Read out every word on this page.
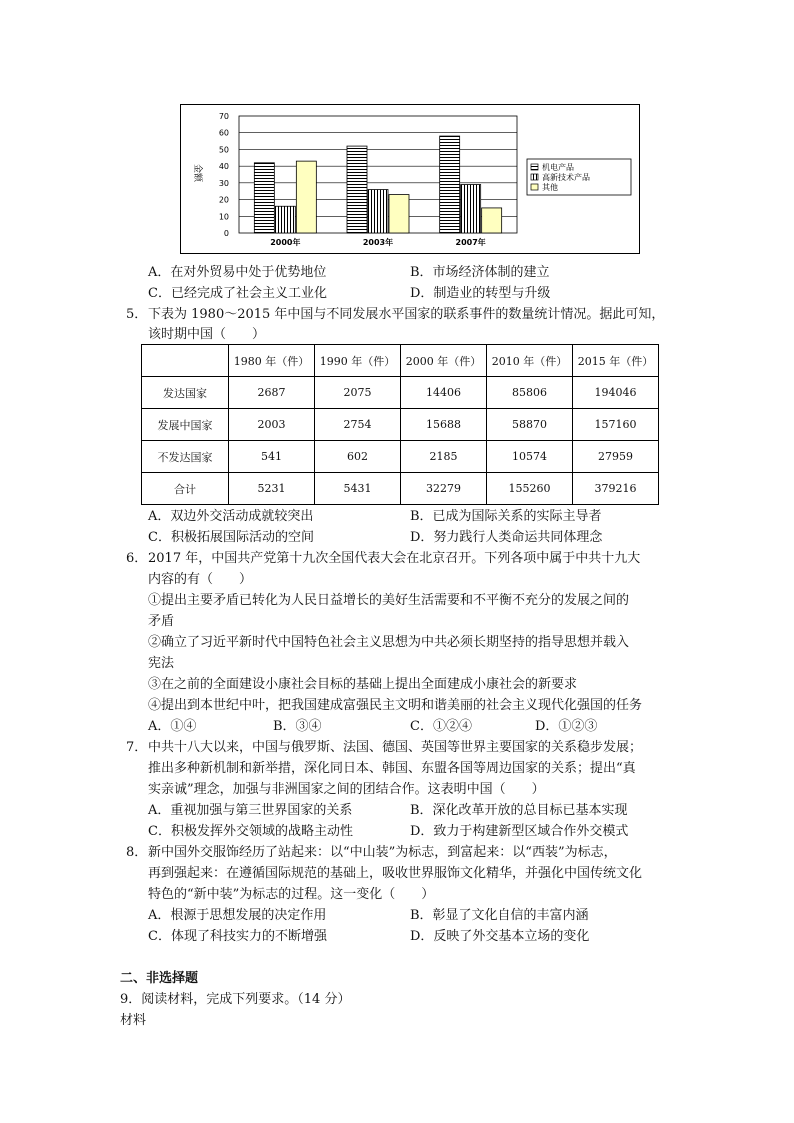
0
10
20
30
40
50
60
70
金额
2000年	2003年	2007年
机电产品
高新技术产品
其他
A．在对外贸易中处于优势地位	B．市场经济体制的建立
C．已经完成了社会主义工业化	D．制造业的转型与升级
5． 下表为 1980～2015 年中国与不同发展水平国家的联系事件的数量统计情况。据此可知，
该时期中国（　　）
	1980 年（件）	1990 年（件）	2000 年（件）	2010 年（件）	2015 年（件）
发达国家	2687	2075	14406	85806	194046
发展中国家	2003	2754	15688	58870	157160
不发达国家	541	602	2185	10574	27959
合计	5231	5431	32279	155260	379216
A．双边外交活动成就较突出	B．已成为国际关系的实际主导者
C．积极拓展国际活动的空间	D．努力践行人类命运共同体理念
6． 2017 年，中国共产党第十九次全国代表大会在北京召开。下列各项中属于中共十九大
内容的有（　　）
①提出主要矛盾已转化为人民日益增长的美好生活需要和不平衡不充分的发展之间的
矛盾
②确立了习近平新时代中国特色社会主义思想为中共必须长期坚持的指导思想并载入
宪法
③在之前的全面建设小康社会目标的基础上提出全面建成小康社会的新要求
④提出到本世纪中叶，把我国建成富强民主文明和谐美丽的社会主义现代化强国的任务
A．①④	B．③④	C．①②④	D．①②③
7． 中共十八大以来，中国与俄罗斯、法国、德国、英国等世界主要国家的关系稳步发展；
推出多种新机制和新举措，深化同日本、韩国、东盟各国等周边国家的关系；提出“真
实亲诚”理念，加强与非洲国家之间的团结合作。这表明中国（　　）
A．重视加强与第三世界国家的关系	B．深化改革开放的总目标已基本实现
C．积极发挥外交领域的战略主动性	D．致力于构建新型区域合作外交模式
8． 新中国外交服饰经历了站起来：以“中山装”为标志，到富起来：以“西装”为标志，
再到强起来：在遵循国际规范的基础上，吸收世界服饰文化精华，并强化中国传统文化
特色的“新中装”为标志的过程。这一变化（　　）
A．根源于思想发展的决定作用	B．彰显了文化自信的丰富内涵
C．体现了科技实力的不断增强	D．反映了外交基本立场的变化
二、非选择题
9．阅读材料，完成下列要求。（14 分）
材料
